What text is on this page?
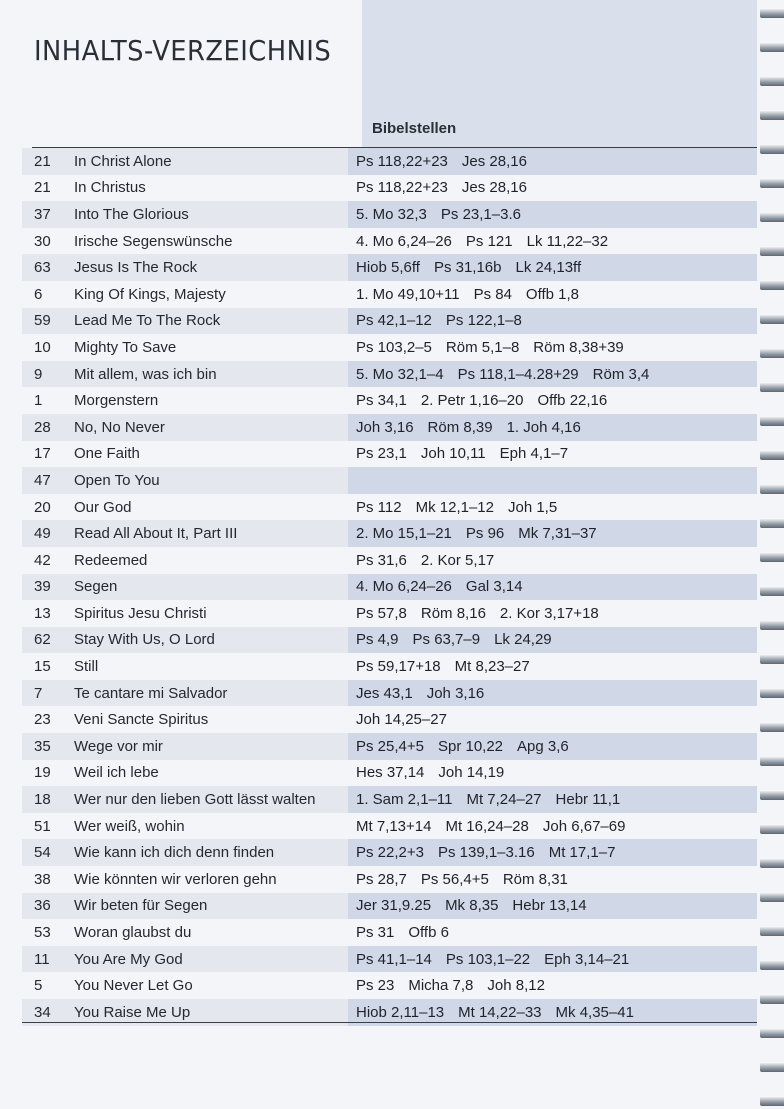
INHALTS-VERZEICHNIS
Bibelstellen
21	In Christ Alone	Ps 118,22+23 Jes 28,16
21	In Christus	Ps 118,22+23 Jes 28,16
37	Into The Glorious	5. Mo 32,3 Ps 23,1–3.6
30	Irische Segenswünsche	4. Mo 6,24–26 Ps 121 Lk 11,22–32
63	Jesus Is The Rock	Hiob 5,6ff Ps 31,16b Lk 24,13ff
6	King Of Kings, Majesty	1. Mo 49,10+11 Ps 84 Offb 1,8
59	Lead Me To The Rock	Ps 42,1–12 Ps 122,1–8
10	Mighty To Save	Ps 103,2–5 Röm 5,1–8 Röm 8,38+39
9	Mit allem, was ich bin	5. Mo 32,1–4 Ps 118,1–4.28+29 Röm 3,4
1	Morgenstern	Ps 34,1 2. Petr 1,16–20 Offb 22,16
28	No, No Never	Joh 3,16 Röm 8,39 1. Joh 4,16
17	One Faith	Ps 23,1 Joh 10,11 Eph 4,1–7
47	Open To You
20	Our God	Ps 112 Mk 12,1–12 Joh 1,5
49	Read All About It, Part III	2. Mo 15,1–21 Ps 96 Mk 7,31–37
42	Redeemed	Ps 31,6 2. Kor 5,17
39	Segen	4. Mo 6,24–26 Gal 3,14
13	Spiritus Jesu Christi	Ps 57,8 Röm 8,16 2. Kor 3,17+18
62	Stay With Us, O Lord	Ps 4,9 Ps 63,7–9 Lk 24,29
15	Still	Ps 59,17+18 Mt 8,23–27
7	Te cantare mi Salvador	Jes 43,1 Joh 3,16
23	Veni Sancte Spiritus	Joh 14,25–27
35	Wege vor mir	Ps 25,4+5 Spr 10,22 Apg 3,6
19	Weil ich lebe	Hes 37,14 Joh 14,19
18	Wer nur den lieben Gott lässt walten	1. Sam 2,1–11 Mt 7,24–27 Hebr 11,1
51	Wer weiß, wohin	Mt 7,13+14 Mt 16,24–28 Joh 6,67–69
54	Wie kann ich dich denn finden	Ps 22,2+3 Ps 139,1–3.16 Mt 17,1–7
38	Wie könnten wir verloren gehn	Ps 28,7 Ps 56,4+5 Röm 8,31
36	Wir beten für Segen	Jer 31,9.25 Mk 8,35 Hebr 13,14
53	Woran glaubst du	Ps 31 Offb 6
11	You Are My God	Ps 41,1–14 Ps 103,1–22 Eph 3,14–21
5	You Never Let Go	Ps 23 Micha 7,8 Joh 8,12
34	You Raise Me Up	Hiob 2,11–13 Mt 14,22–33 Mk 4,35–41
